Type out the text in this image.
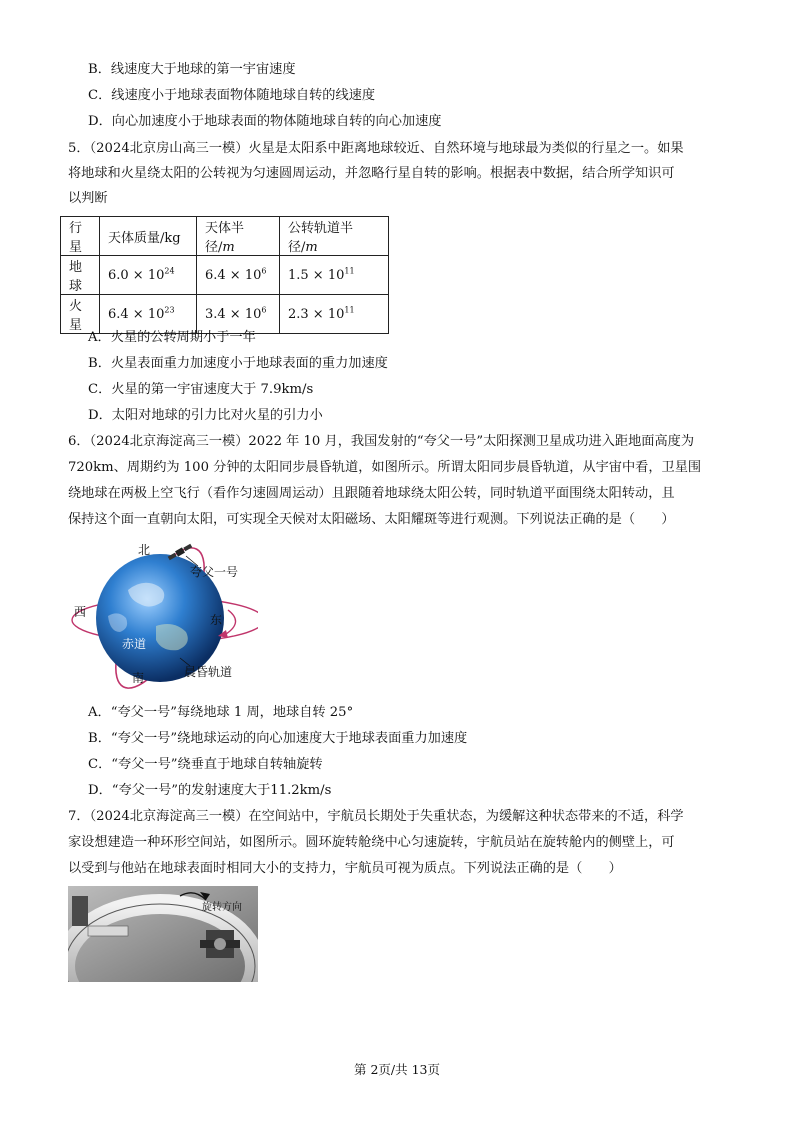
B．线速度大于地球的第一宇宙速度
C．线速度小于地球表面物体随地球自转的线速度
D．向心加速度小于地球表面的物体随地球自转的向心加速度
5．（2024北京房山高三一模）火星是太阳系中距离地球较近、自然环境与地球最为类似的行星之一。如果
将地球和火星绕太阳的公转视为匀速圆周运动，并忽略行星自转的影响。根据表中数据，结合所学知识可
以判断
行星	天体质量/kg	天体半径/m	公转轨道半径/m
地球	$6.0 \times 10^{24}$	$6.4 \times 10^6$	$1.5 \times 10^{11}$
火星	$6.4 \times 10^{23}$	$3.4 \times 10^6$	$2.3 \times 10^{11}$
A．火星的公转周期小于一年
B．火星表面重力加速度小于地球表面的重力加速度
C．火星的第一宇宙速度大于 7.9km/s
D．太阳对地球的引力比对火星的引力小
6．（2024北京海淀高三一模）2022 年 10 月，我国发射的“夸父一号”太阳探测卫星成功进入距地面高度为
720km、周期约为 100 分钟的太阳同步晨昏轨道，如图所示。所谓太阳同步晨昏轨道，从宇宙中看，卫星围
绕地球在两极上空飞行（看作匀速圆周运动）且跟随着地球绕太阳公转，同时轨道平面围绕太阳转动，且
保持这个面一直朝向太阳，可实现全天候对太阳磁场、太阳耀斑等进行观测。下列说法正确的是（　　）
北
夸父一号
西
东
赤道
晨昏轨道
南
A．“夸父一号”每绕地球 1 周，地球自转 25°
B．“夸父一号”绕地球运动的向心加速度大于地球表面重力加速度
C．“夸父一号”绕垂直于地球自转轴旋转
D．“夸父一号”的发射速度大于11.2km/s
7．（2024北京海淀高三一模）在空间站中，宇航员长期处于失重状态，为缓解这种状态带来的不适，科学
家设想建造一种环形空间站，如图所示。圆环旋转舱绕中心匀速旋转，宇航员站在旋转舱内的侧壁上，可
以受到与他站在地球表面时相同大小的支持力，宇航员可视为质点。下列说法正确的是（　　）
旋转方向
第 2页/共 13页
